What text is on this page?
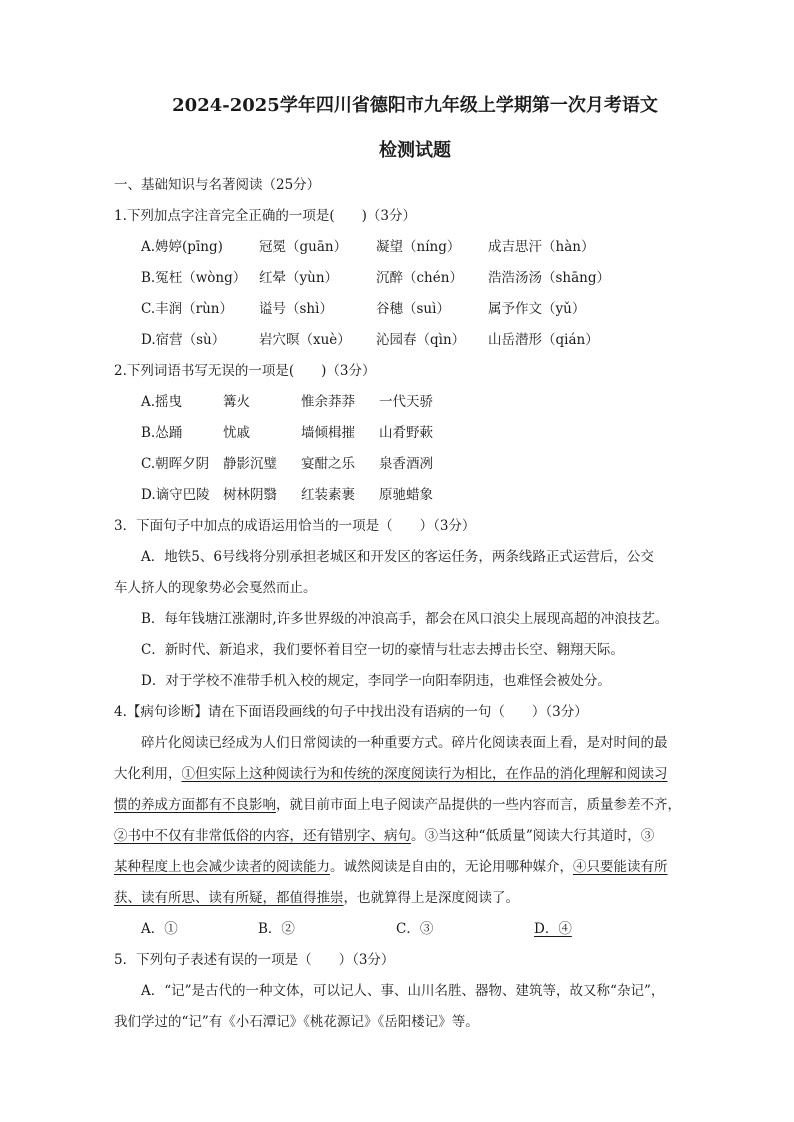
2024-2025学年四川省德阳市九年级上学期第一次月考语文

检测试题

一、基础知识与名著阅读（25分）

1.下列加点字注音完全正确的一项是(　　)（3分）

A.娉婷(pīng)	冠冕（guān）	凝望（níng）	成吉思汗（hàn）
B.冤枉（wòng） 红晕（yùn）	沉醉（chén）	浩浩汤汤（shāng）
C.丰润（rùn）	谥号（shì）	谷穗（suì）	属予作文（yǔ）
D.宿营（sù）	岩穴暝（xuè）	沁园春（qìn）	山岳潜形（qián）

2.下列词语书写无误的一项是(　　)（3分）

A.摇曳	篝火	惟余莽莽	一代天骄
B.怂踊	忧戚	墙倾楫摧	山肴野蔌
C.朝晖夕阴	静影沉璧	宴酣之乐	泉香酒冽
D.谪守巴陵 树林阴翳	红装素裹	原驰蜡象

3．下面句子中加点的成语运用恰当的一项是（　　）（3分）

A．地铁5、6号线将分别承担老城区和开发区的客运任务，两条线路正式运营后，公交

车人挤人的现象势必会戛然而止。

B．每年钱塘江涨潮时,许多世界级的冲浪高手，都会在风口浪尖上展现高超的冲浪技艺。

C．新时代、新追求，我们要怀着目空一切的豪情与壮志去搏击长空、翱翔天际。

D．对于学校不准带手机入校的规定，李同学一向阳奉阴违，也难怪会被处分。

4.【病句诊断】请在下面语段画线的句子中找出没有语病的一句（　　）（3分）

碎片化阅读已经成为人们日常阅读的一种重要方式。碎片化阅读表面上看，是对时间的最

大化利用，①但实际上这种阅读行为和传统的深度阅读行为相比，在作品的消化理解和阅读习

惯的养成方面都有不良影响，就目前市面上电子阅读产品提供的一些内容而言，质量参差不齐，

②书中不仅有非常低俗的内容，还有错别字、病句。③当这种“低质量”阅读大行其道时，③

某种程度上也会减少读者的阅读能力。诚然阅读是自由的，无论用哪种媒介，④只要能读有所

获、读有所思、读有所疑，都值得推崇，也就算得上是深度阅读了。

A．①	B．②	C．③	D．④

5．下列句子表述有误的一项是（　　）（3分）

A．“记”是古代的一种文体，可以记人、事、山川名胜、器物、建筑等，故又称“杂记”，

我们学过的“记”有《小石潭记》《桃花源记》《岳阳楼记》等。
